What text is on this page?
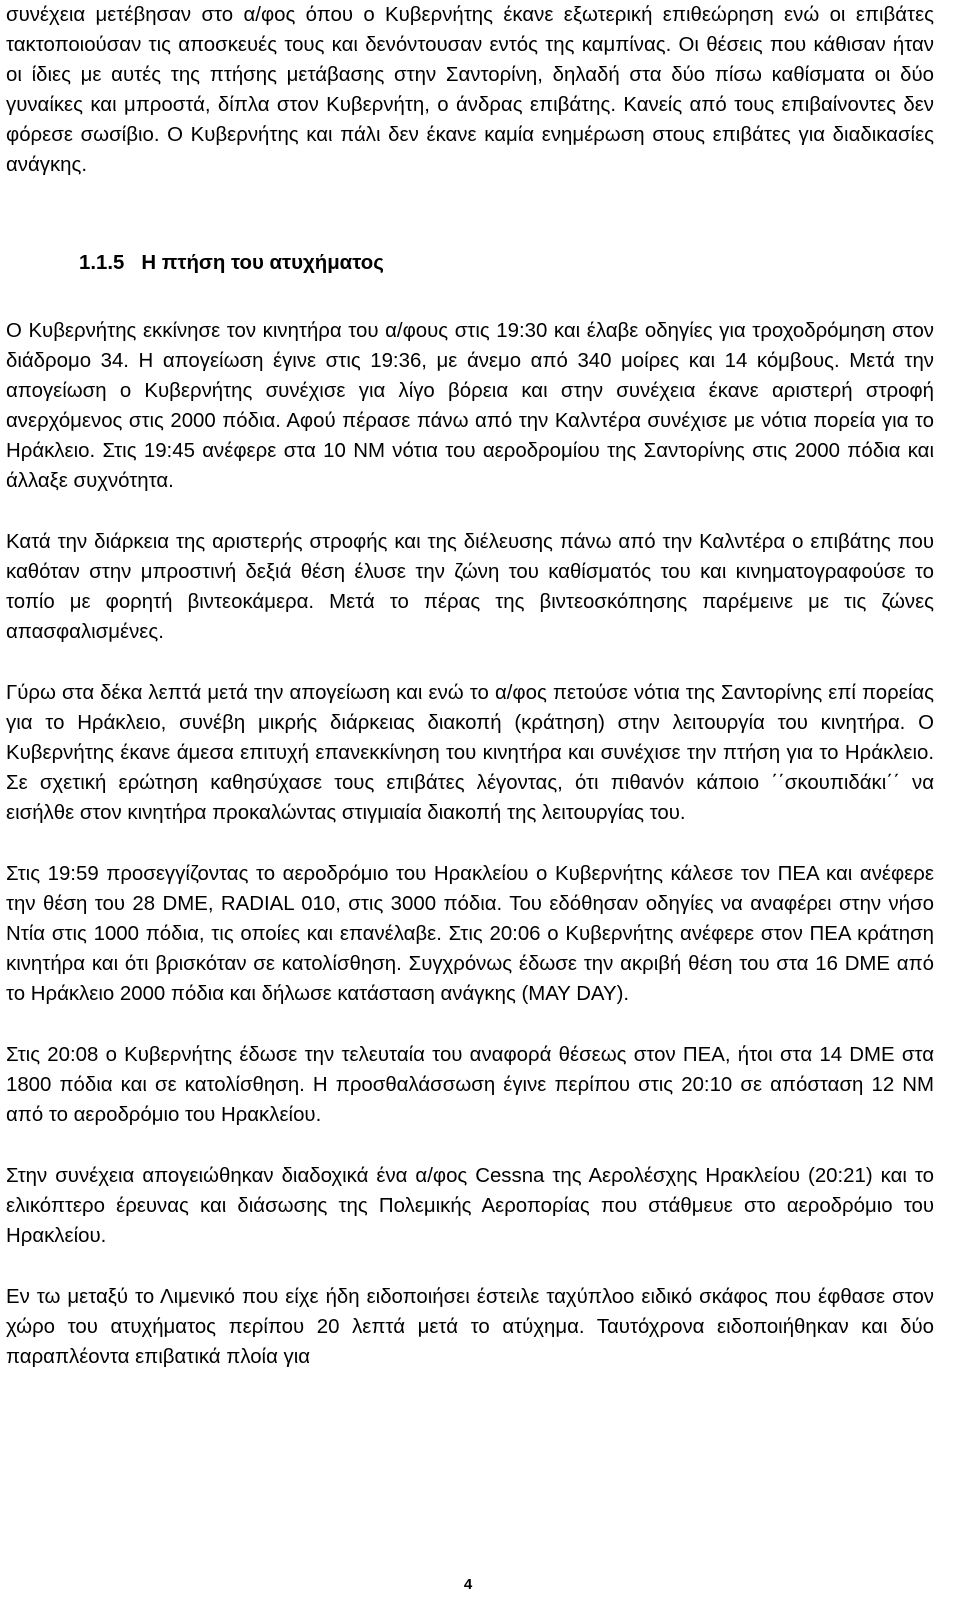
συνέχεια μετέβησαν στο α/φος όπου ο Κυβερνήτης έκανε εξωτερική επιθεώρηση ενώ οι επιβάτες τακτοποιούσαν τις αποσκευές τους και δενόντουσαν εντός της καμπίνας. Οι θέσεις που κάθισαν ήταν οι ίδιες με αυτές της πτήσης μετάβασης στην Σαντορίνη, δηλαδή στα δύο πίσω καθίσματα οι δύο γυναίκες και μπροστά, δίπλα στον Κυβερνήτη, ο άνδρας επιβάτης. Κανείς από τους επιβαίνοντες δεν φόρεσε σωσίβιο. Ο Κυβερνήτης και πάλι δεν έκανε καμία ενημέρωση στους επιβάτες για διαδικασίες ανάγκης.

1.1.5   Η πτήση του ατυχήματος

Ο Κυβερνήτης εκκίνησε τον κινητήρα του α/φους στις 19:30 και έλαβε οδηγίες για τροχοδρόμηση στον διάδρομο 34. Η απογείωση έγινε στις 19:36, με άνεμο από 340 μοίρες και 14 κόμβους. Μετά την απογείωση ο Κυβερνήτης συνέχισε για λίγο βόρεια και στην συνέχεια έκανε αριστερή στροφή ανερχόμενος στις 2000 πόδια. Αφού πέρασε πάνω από την Καλντέρα συνέχισε με νότια πορεία για το Ηράκλειο. Στις 19:45 ανέφερε στα 10 ΝΜ νότια του αεροδρομίου της Σαντορίνης στις 2000 πόδια και άλλαξε συχνότητα.

Κατά την διάρκεια της αριστερής στροφής και της διέλευσης πάνω από την Καλντέρα ο επιβάτης που καθόταν στην μπροστινή δεξιά θέση έλυσε την ζώνη του καθίσματός του και κινηματογραφούσε το τοπίο με φορητή βιντεοκάμερα. Μετά το πέρας της βιντεοσκόπησης παρέμεινε με τις ζώνες απασφαλισμένες.

Γύρω στα δέκα λεπτά μετά την απογείωση και ενώ το α/φος πετούσε νότια της Σαντορίνης επί πορείας για το Ηράκλειο, συνέβη μικρής διάρκειας διακοπή (κράτηση) στην λειτουργία του κινητήρα. Ο Κυβερνήτης έκανε άμεσα επιτυχή επανεκκίνηση του κινητήρα και συνέχισε την πτήση για το Ηράκλειο. Σε σχετική ερώτηση καθησύχασε τους επιβάτες λέγοντας, ότι πιθανόν κάποιο ΄΄σκουπιδάκι΄΄ να εισήλθε στον κινητήρα προκαλώντας στιγμιαία διακοπή της λειτουργίας του.

Στις 19:59 προσεγγίζοντας το αεροδρόμιο του Ηρακλείου ο Κυβερνήτης κάλεσε τον ΠΕΑ και ανέφερε την θέση του 28 DME, RADIAL 010, στις 3000 πόδια. Του εδόθησαν οδηγίες να αναφέρει στην νήσο Ντία στις 1000 πόδια, τις οποίες και επανέλαβε. Στις 20:06 ο Κυβερνήτης ανέφερε στον ΠΕΑ κράτηση κινητήρα και ότι βρισκόταν σε κατολίσθηση. Συγχρόνως έδωσε την ακριβή θέση του στα 16 DME από το Ηράκλειο 2000 πόδια και δήλωσε κατάσταση ανάγκης (MAY DAY).

Στις 20:08 ο Κυβερνήτης έδωσε την τελευταία του αναφορά θέσεως στον ΠΕΑ, ήτοι στα 14 DME στα 1800 πόδια και σε κατολίσθηση. Η προσθαλάσσωση έγινε περίπου στις 20:10 σε απόσταση 12 ΝΜ από το αεροδρόμιο του Ηρακλείου.

Στην συνέχεια απογειώθηκαν διαδοχικά ένα α/φος Cessna της Αερολέσχης Ηρακλείου (20:21) και το ελικόπτερο έρευνας και διάσωσης της Πολεμικής Αεροπορίας που στάθμευε στο αεροδρόμιο του Ηρακλείου.

Εν τω μεταξύ το Λιμενικό που είχε ήδη ειδοποιήσει έστειλε ταχύπλοο ειδικό σκάφος που έφθασε στον χώρο του ατυχήματος περίπου 20 λεπτά μετά το ατύχημα. Ταυτόχρονα ειδοποιήθηκαν και δύο παραπλέοντα επιβατικά πλοία για

4
